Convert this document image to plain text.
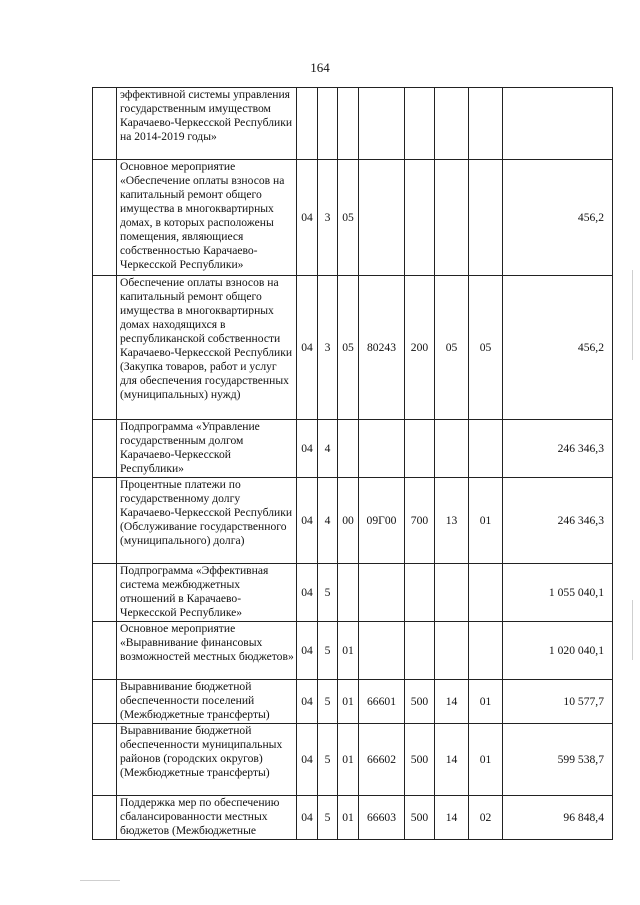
164
	эффективной системы управления государственным имуществом Карачаево-Черкесской Республики на 2014-2019 годы»								
	Основное мероприятие «Обеспечение оплаты взносов на капитальный ремонт общего имущества в многоквартирных домах, в которых расположены помещения, являющиеся собственностью Карачаево-Черкесской Республики»	04	3	05					456,2
	Обеспечение оплаты взносов на капитальный ремонт общего имущества в многоквартирных домах находящихся в республиканской собственности Карачаево-Черкесской Республики (Закупка товаров, работ и услуг для обеспечения государственных (муниципальных) нужд)	04	3	05	80243	200	05	05	456,2
	Подпрограмма «Управление государственным долгом Карачаево-Черкесской Республики»	04	4						246 346,3
	Процентные платежи по государственному долгу Карачаево-Черкесской Республики (Обслуживание государственного (муниципального) долга)	04	4	00	09Г00	700	13	01	246 346,3
	Подпрограмма «Эффективная система межбюджетных отношений в Карачаево-Черкесской Республике»	04	5						1 055 040,1
	Основное мероприятие «Выравнивание финансовых возможностей местных бюджетов»	04	5	01					1 020 040,1
	Выравнивание бюджетной обеспеченности поселений (Межбюджетные трансферты)	04	5	01	66601	500	14	01	10 577,7
	Выравнивание бюджетной обеспеченности муниципальных районов (городских округов) (Межбюджетные трансферты)	04	5	01	66602	500	14	01	599 538,7
	Поддержка мер по обеспечению сбалансированности местных бюджетов (Межбюджетные	04	5	01	66603	500	14	02	96 848,4
